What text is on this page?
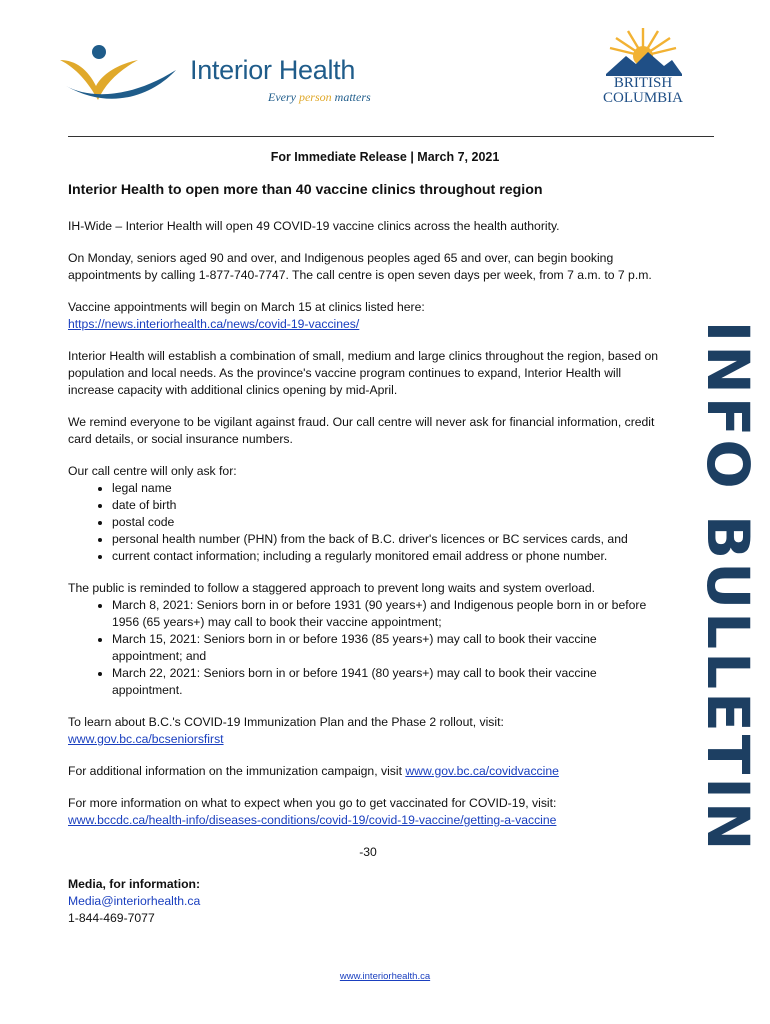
Interior Health
Every person matters
BRITISH
COLUMBIA
For Immediate Release | March 7, 2021
Interior Health to open more than 40 vaccine clinics throughout region

IH-Wide – Interior Health will open 49 COVID-19 vaccine clinics across the health authority.

On Monday, seniors aged 90 and over, and Indigenous peoples aged 65 and over, can begin booking appointments by calling 1-877-740-7747. The call centre is open seven days per week, from 7 a.m. to 7 p.m.

Vaccine appointments will begin on March 15 at clinics listed here:
https://news.interiorhealth.ca/news/covid-19-vaccines/

Interior Health will establish a combination of small, medium and large clinics throughout the region, based on population and local needs. As the province's vaccine program continues to expand, Interior Health will increase capacity with additional clinics opening by mid-April.

We remind everyone to be vigilant against fraud. Our call centre will never ask for financial information, credit card details, or social insurance numbers.

Our call centre will only ask for:

• legal name
• date of birth
• postal code
• personal health number (PHN) from the back of B.C. driver's licences or BC services cards, and
• current contact information; including a regularly monitored email address or phone number.

The public is reminded to follow a staggered approach to prevent long waits and system overload.

• March 8, 2021: Seniors born in or before 1931 (90 years+) and Indigenous people born in or before 1956 (65 years+) may call to book their vaccine appointment;
• March 15, 2021: Seniors born in or before 1936 (85 years+) may call to book their vaccine appointment; and
• March 22, 2021: Seniors born in or before 1941 (80 years+) may call to book their vaccine appointment.

To learn about B.C.'s COVID-19 Immunization Plan and the Phase 2 rollout, visit:
www.gov.bc.ca/bcseniorsfirst

For additional information on the immunization campaign, visit www.gov.bc.ca/covidvaccine

For more information on what to expect when you go to get vaccinated for COVID-19, visit:
www.bccdc.ca/health-info/diseases-conditions/covid-19/covid-19-vaccine/getting-a-vaccine

-30

Media, for information:
Media@interiorhealth.ca
1-844-469-7077
INFO BULLETIN
www.interiorhealth.ca
